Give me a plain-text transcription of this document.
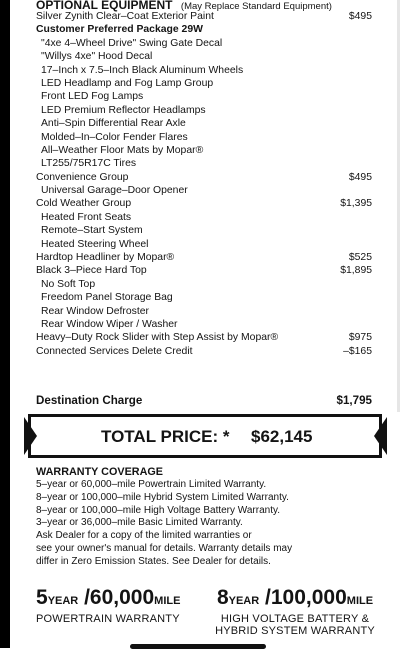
OPTIONAL EQUIPMENT (May Replace Standard Equipment)
Silver Zynith Clear–Coat Exterior Paint	$495
Customer Preferred Package 29W
"4xe 4–Wheel Drive" Swing Gate Decal
"Willys 4xe" Hood Decal
17–Inch x 7.5–Inch Black Aluminum Wheels
LED Headlamp and Fog Lamp Group
Front LED Fog Lamps
LED Premium Reflector Headlamps
Anti–Spin Differential Rear Axle
Molded–In–Color Fender Flares
All–Weather Floor Mats by Mopar®
LT255/75R17C Tires
Convenience Group	$495
Universal Garage–Door Opener
Cold Weather Group	$1,395
Heated Front Seats
Remote–Start System
Heated Steering Wheel
Hardtop Headliner by Mopar®	$525
Black 3–Piece Hard Top	$1,895
No Soft Top
Freedom Panel Storage Bag
Rear Window Defroster
Rear Window Wiper / Washer
Heavy–Duty Rock Slider with Step Assist by Mopar®	$975
Connected Services Delete Credit	–$165
Destination Charge	$1,795
TOTAL PRICE: * $62,145
WARRANTY COVERAGE
5–year or 60,000–mile Powertrain Limited Warranty.
8–year or 100,000–mile Hybrid System Limited Warranty.
8–year or 100,000–mile High Voltage Battery Warranty.
3–year or 36,000–mile Basic Limited Warranty.
Ask Dealer for a copy of the limited warranties or
see your owner's manual for details. Warranty details may
differ in Zero Emission States. See Dealer for details.
5YEAR /60,000MILE
POWERTRAIN WARRANTY
8YEAR /100,000MILE
HIGH VOLTAGE BATTERY &
HYBRID SYSTEM WARRANTY
